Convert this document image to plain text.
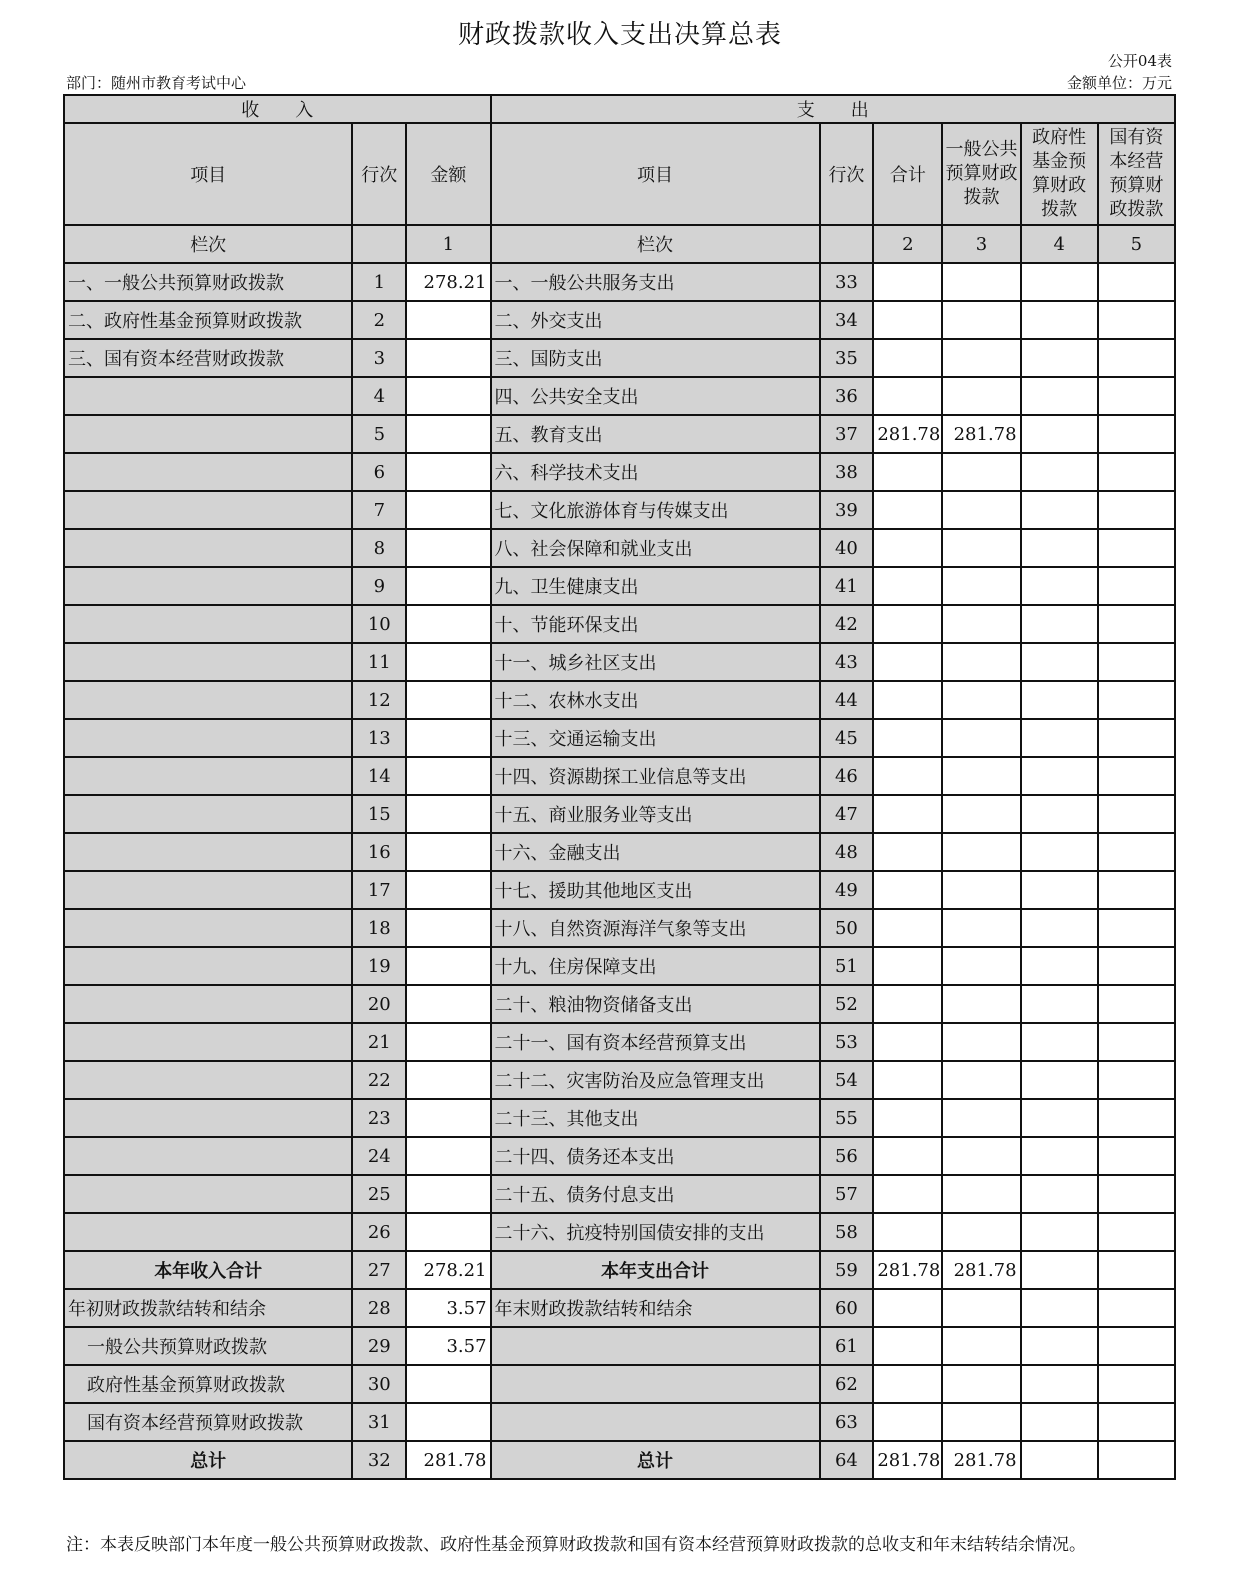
财政拨款收入支出决算总表
公开04表
部门：随州市教育考试中心	金额单位：万元
收　　入			支　　出					
项目	行次	金额	项目	行次	合计	一般公共预算财政拨款	政府性基金预算财政拨款	国有资本经营预算财政拨款
栏次		1	栏次		2	3	4	5
一、一般公共预算财政拨款	1	278.21	一、一般公共服务支出	33				
二、政府性基金预算财政拨款	2		二、外交支出	34				
三、国有资本经营财政拨款	3		三、国防支出	35				
	4		四、公共安全支出	36				
	5		五、教育支出	37	281.78	281.78		
	6		六、科学技术支出	38				
	7		七、文化旅游体育与传媒支出	39				
	8		八、社会保障和就业支出	40				
	9		九、卫生健康支出	41				
	10		十、节能环保支出	42				
	11		十一、城乡社区支出	43				
	12		十二、农林水支出	44				
	13		十三、交通运输支出	45				
	14		十四、资源勘探工业信息等支出	46				
	15		十五、商业服务业等支出	47				
	16		十六、金融支出	48				
	17		十七、援助其他地区支出	49				
	18		十八、自然资源海洋气象等支出	50				
	19		十九、住房保障支出	51				
	20		二十、粮油物资储备支出	52				
	21		二十一、国有资本经营预算支出	53				
	22		二十二、灾害防治及应急管理支出	54				
	23		二十三、其他支出	55				
	24		二十四、债务还本支出	56				
	25		二十五、债务付息支出	57				
	26		二十六、抗疫特别国债安排的支出	58				
本年收入合计	27	278.21	本年支出合计	59	281.78	281.78		
年初财政拨款结转和结余	28	3.57	年末财政拨款结转和结余	60				
一般公共预算财政拨款	29	3.57		61				
政府性基金预算财政拨款	30			62				
国有资本经营预算财政拨款	31			63				
总计	32	281.78	总计	64	281.78	281.78		
注：本表反映部门本年度一般公共预算财政拨款、政府性基金预算财政拨款和国有资本经营预算财政拨款的总收支和年末结转结余情况。
